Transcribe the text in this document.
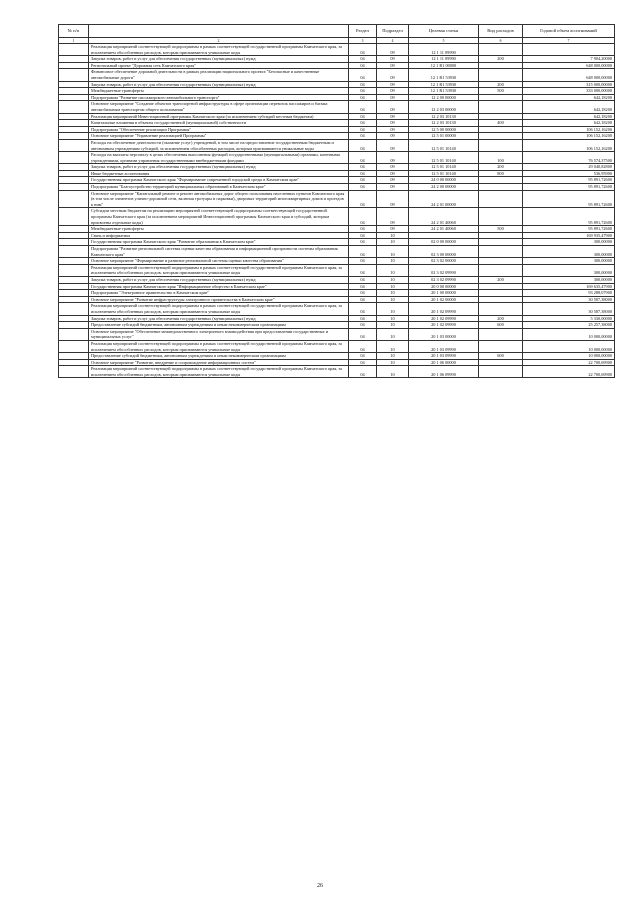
№ п/п		Раздел	Подраздел	Целевая статья	Вид расходов	Годовой объем ассигнований
1	2	3	4	5	6	7
	Реализация мероприятий соответствующей подпрограммы в рамках соответствующей государственной программы Камчатского края, за исключением обособленных расходов, которым присваиваются уникальные коды	04	09	12 1 11 09990		
	Закупка товаров, работ и услуг для обеспечения государственных (муниципальных) нужд	04	09	12 1 11 09990	200	7 904,20000
	Региональный проект "Дорожная сеть Камчатского края"	04	09	12 1 R1 00000		648 000,00000
	Финансовое обеспечение дорожной деятельности в рамках реализации национального проекта "Безопасные и качественные автомобильные дороги"	04	09	12 1 R1 53930		648 000,00000
	Закупка товаров, работ и услуг для обеспечения государственных (муниципальных) нужд	04	09	12 1 R1 53930	200	315 000,00000
	Межбюджетные трансферты	04	09	12 1 R1 53930	500	333 000,00000
	Подпрограмма "Развитие пассажирского автомобильного транспорта"	04	09	12 2 00 00000		642,18200
	Основное мероприятие "Создание объектов транспортной инфраструктуры в сфере организации перевозок пассажиров и багажа автомобильным транспортом общего пользования"	04	09	12 2 03 00000		642,18200
	Реализация мероприятий Инвестиционной программы Камчатского края (за исключением субсидий местным бюджетам)	04	09	12 2 03 10130		642,18200
	Капитальные вложения в объекты государственной (муниципальной) собственности	04	09	12 2 03 10130	400	642,18200
	Подпрограмма "Обеспечение реализации Программы"	04	09	12 5 00 00000		106 152,16200
	Основное мероприятие "Управление реализацией Программы"	04	09	12 5 01 00000		106 152,16200
	Расходы на обеспечение деятельности (оказание услуг) учреждений, в том числе на предоставление государственным бюджетным и автономным учреждениям субсидий, за исключением обособленных расходов, которым присваиваются уникальные коды	04	09	12 5 01 10140		106 152,16200
	Расходы на выплаты персоналу в целях обеспечения выполнения функций государственными (муниципальными) органами, казенными учреждениями, органами управления государственными внебюджетными фондами	04	09	12 5 01 10140	100	76 574,37500
	Закупка товаров, работ и услуг для обеспечения государственных (муниципальных) нужд	04	09	12 5 01 10140	200	29 040,82800
	Иные бюджетные ассигнования	04	09	12 5 01 10140	800	536,95900
	Государственная программа Камчатского края "Формирование современной городской среды в Камчатском крае"	04	09	24 0 00 00000		95 891,72600
	Подпрограмма "Благоустройство территорий муниципальных образований в Камчатском крае"	04	09	24 2 00 00000		95 891,72600
	Основное мероприятие "Капитальный ремонт и ремонт автомобильных дорог общего пользования населенных пунктов Камчатского края (в том числе элементов улично-дорожной сети, включая тротуары и парковки), дворовых территорий многоквартирных домов и проездов к ним"	04	09	24 2 01 00000		95 891,72600
	Субсидии местным бюджетам на реализацию мероприятий соответствующей подпрограммы соответствующей государственной программы Камчатского края (за исключением мероприятий Инвестиционной программы Камчатского края и субсидий, которым присвоены отдельные коды)	04	09	24 2 01 40060		95 891,72600
	Межбюджетные трансферты	04	09	24 2 01 40060	500	95 891,72600
	Связь и информатика	04	10			169 935,47900
	Государственная программа Камчатского края "Развитие образования в Камчатском крае"	04	10	02 0 00 00000		300,00000
	Подпрограмма "Развитие региональной системы оценки качества образования и информационной прозрачности системы образования Камчатского края"	04	10	02 3 00 00000		300,00000
	Основное мероприятие "Формирование и развитие региональной системы оценки качества образования"	04	10	02 3 02 00000		300,00000
	Реализация мероприятий соответствующей подпрограммы в рамках соответствующей государственной программы Камчатского края, за исключением обособленных расходов, которым присваиваются уникальные коды	04	10	02 3 02 09990		300,00000
	Закупка товаров, работ и услуг для обеспечения государственных (муниципальных) нужд	04	10	02 3 02 09990	200	300,00000
	Государственная программа Камчатского края "Информационное общество в Камчатском крае"	04	10	20 0 00 00000		169 635,47900
	Подпрограмма "Электронное правительство в Камчатском крае"	04	10	20 1 00 00000		93 288,07900
	Основное мероприятие "Развитие инфраструктуры электронного правительства в Камчатском крае"	04	10	20 1 02 00000		30 587,38000
	Реализация мероприятий соответствующей подпрограммы в рамках соответствующей государственной программы Камчатского края, за исключением обособленных расходов, которым присваиваются уникальные коды	04	10	20 1 02 09990		30 587,38000
	Закупка товаров, работ и услуг для обеспечения государственных (муниципальных) нужд	04	10	20 1 02 09990	200	5 330,00000
	Предоставление субсидий бюджетным, автономным учреждениям и иным некоммерческим организациям	04	10	20 1 02 09990	600	25 257,38000
	Основное мероприятие "Обеспечение межведомственного электронного взаимодействия при предоставлении государственных и муниципальных услуг"	04	10	20 1 03 00000		10 000,00000
	Реализация мероприятий соответствующей подпрограммы в рамках соответствующей государственной программы Камчатского края, за исключением обособленных расходов, которым присваиваются уникальные коды	04	10	20 1 03 09990		10 000,00000
	Предоставление субсидий бюджетным, автономным учреждениям и иным некоммерческим организациям	04	10	20 1 03 09990	600	10 000,00000
	Основное мероприятие "Развитие, внедрение и сопровождение информационных систем"	04	10	20 1 06 00000		22 700,69900
	Реализация мероприятий соответствующей подпрограммы в рамках соответствующей государственной программы Камчатского края, за исключением обособленных расходов, которым присваиваются уникальные коды	04	10	20 1 06 09990		22 700,69900
26
